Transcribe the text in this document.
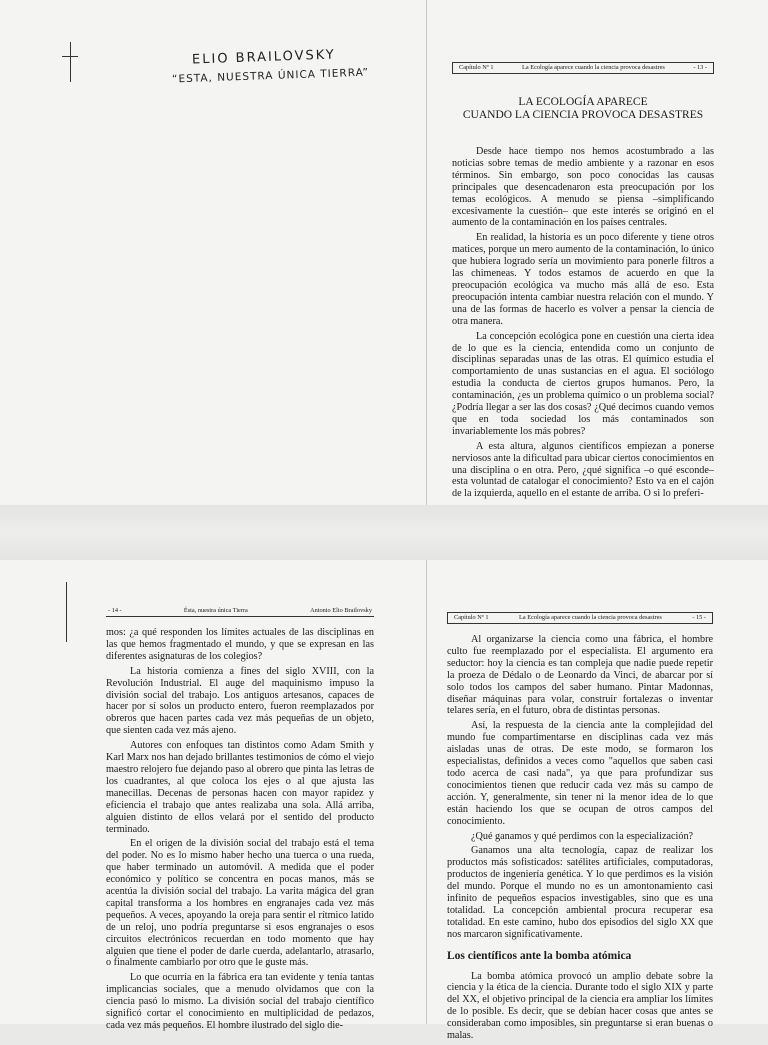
ELIO BRAILOVSKY
“ESTA, NUESTRA ÚNICA TIERRA”	Capítulo Nº 1	La Ecología aparece cuando la ciencia provoca desastres	- 13 -
LA ECOLOGÍA APARECE
CUANDO LA CIENCIA PROVOCA DESASTRES

Desde hace tiempo nos hemos acostumbrado a las noticias sobre temas de medio ambiente y a razonar en esos términos. Sin embargo, son poco conocidas las causas principales que desencadenaron esta preocupación por los temas ecológicos. A menudo se piensa –simplificando excesivamente la cuestión– que este interés se originó en el aumento de la contaminación en los países centrales.

En realidad, la historia es un poco diferente y tiene otros matices, porque un mero aumento de la contaminación, lo único que hubiera logrado sería un movimiento para ponerle filtros a las chimeneas. Y todos estamos de acuerdo en que la preocupación ecológica va mucho más allá de eso. Esta preocupación intenta cambiar nuestra relación con el mundo. Y una de las formas de hacerlo es volver a pensar la ciencia de otra manera.

La concepción ecológica pone en cuestión una cierta idea de lo que es la ciencia, entendida como un conjunto de disciplinas separadas unas de las otras. El químico estudia el comportamiento de unas sustancias en el agua. El sociólogo estudia la conducta de ciertos grupos humanos. Pero, la contaminación, ¿es un problema químico o un problema social? ¿Podría llegar a ser las dos cosas? ¿Qué decimos cuando vemos que en toda sociedad los más contaminados son invariablemente los más pobres?

A esta altura, algunos científicos empiezan a ponerse nerviosos ante la dificultad para ubicar ciertos conocimientos en una disciplina o en otra. Pero, ¿qué significa –o qué esconde– esta voluntad de catalogar el conocimiento? Esto va en el cajón de la izquierda, aquello en el estante de arriba. O si lo preferi-

- 14 -	Ésta, nuestra única Tierra	Antonio Elio Brailovsky

mos: ¿a qué responden los límites actuales de las disciplinas en las que hemos fragmentado el mundo, y que se expresan en las diferentes asignaturas de los colegios?

La historia comienza a fines del siglo XVIII, con la Revolución Industrial. El auge del maquinismo impuso la división social del trabajo. Los antiguos artesanos, capaces de hacer por sí solos un producto entero, fueron reemplazados por obreros que hacen partes cada vez más pequeñas de un objeto, que sienten cada vez más ajeno.

Autores con enfoques tan distintos como Adam Smith y Karl Marx nos han dejado brillantes testimonios de cómo el viejo maestro relojero fue dejando paso al obrero que pinta las letras de los cuadrantes, al que coloca los ejes o al que ajusta las manecillas. Decenas de personas hacen con mayor rapidez y eficiencia el trabajo que antes realizaba una sola. Allá arriba, alguien distinto de ellos velará por el sentido del producto terminado.

En el origen de la división social del trabajo está el tema del poder. No es lo mismo haber hecho una tuerca o una rueda, que haber terminado un automóvil. A medida que el poder económico y político se concentra en pocas manos, más se acentúa la división social del trabajo. La varita mágica del gran capital transforma a los hombres en engranajes cada vez más pequeños. A veces, apoyando la oreja para sentir el rítmico latido de un reloj, uno podría preguntarse si esos engranajes o esos circuitos electrónicos recuerdan en todo momento que hay alguien que tiene el poder de darle cuerda, adelantarlo, atrasarlo, o finalmente cambiarlo por otro que le guste más.

Lo que ocurría en la fábrica era tan evidente y tenía tantas implicancias sociales, que a menudo olvidamos que con la ciencia pasó lo mismo. La división social del trabajo científico significó cortar el conocimiento en multiplicidad de pedazos, cada vez más pequeños. El hombre ilustrado del siglo die-

Capítulo Nº 1	La Ecología aparece cuando la ciencia provoca desastres	- 15 -

Al organizarse la ciencia como una fábrica, el hombre culto fue reemplazado por el especialista. El argumento era seductor: hoy la ciencia es tan compleja que nadie puede repetir la proeza de Dédalo o de Leonardo da Vinci, de abarcar por sí solo todos los campos del saber humano. Pintar Madonnas, diseñar máquinas para volar, construir fortalezas o inventar telares sería, en el futuro, obra de distintas personas.

Así, la respuesta de la ciencia ante la complejidad del mundo fue compartimentarse en disciplinas cada vez más aisladas unas de otras. De este modo, se formaron los especialistas, definidos a veces como "aquellos que saben casi todo acerca de casi nada", ya que para profundizar sus conocimientos tienen que reducir cada vez más su campo de acción. Y, generalmente, sin tener ni la menor idea de lo que están haciendo los que se ocupan de otros campos del conocimiento.

¿Qué ganamos y qué perdimos con la especialización?

Ganamos una alta tecnología, capaz de realizar los productos más sofisticados: satélites artificiales, computadoras, productos de ingeniería genética. Y lo que perdimos es la visión del mundo. Porque el mundo no es un amontonamiento casi infinito de pequeños espacios investigables, sino que es una totalidad. La concepción ambiental procura recuperar esa totalidad. En este camino, hubo dos episodios del siglo XX que nos marcaron significativamente.

Los científicos ante la bomba atómica

La bomba atómica provocó un amplio debate sobre la ciencia y la ética de la ciencia. Durante todo el siglo XIX y parte del XX, el objetivo principal de la ciencia era ampliar los límites de lo posible. Es decir, que se debían hacer cosas que antes se consideraban como imposibles, sin preguntarse si eran buenas o malas.
